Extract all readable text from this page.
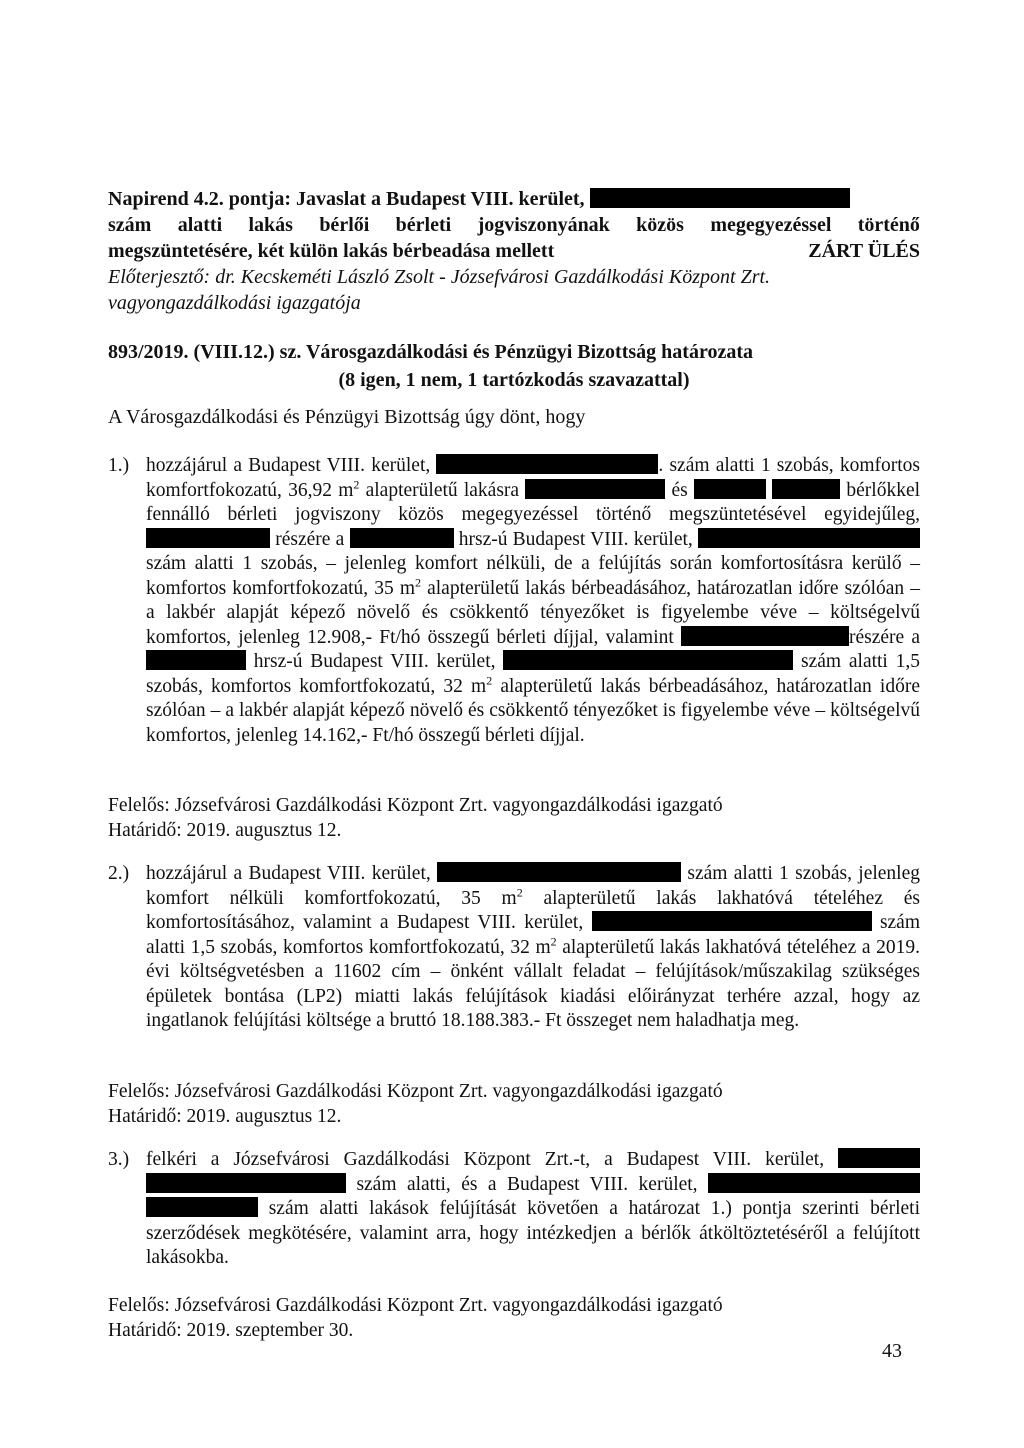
Napirend 4.2. pontja: Javaslat a Budapest VIII. kerület,
szám alatti lakás bérlői bérleti jogviszonyának közös megegyezéssel történő
megszüntetésére, két külön lakás bérbeadása mellett	ZÁRT ÜLÉS
Előterjesztő: dr. Kecskeméti László Zsolt - Józsefvárosi Gazdálkodási Központ Zrt.
vagyongazdálkodási igazgatója
893/2019. (VIII.12.) sz. Városgazdálkodási és Pénzügyi Bizottság határozata
(8 igen, 1 nem, 1 tartózkodás szavazattal)
A Városgazdálkodási és Pénzügyi Bizottság úgy dönt, hogy
1.) hozzájárul a Budapest VIII. kerület,	. szám alatti 1 szobás, komfortos komfortfokozatú, 36,92 $m^2$ alapterületű lakásra	és	bérlőkkel fennálló bérleti jogviszony közös megegyezéssel történő megszüntetésével egyidejűleg,  részére a	hrsz-ú Budapest VIII. kerület, szám alatti 1 szobás, – jelenleg komfort nélküli, de a felújítás során komfortosításra kerülő – komfortos komfortfokozatú, 35 $m^2$ alapterületű lakás bérbeadásához, határozatlan időre szólóan – a lakbér alapját képező növelő és csökkentő tényezőket is figyelembe véve – költségelvű komfortos, jelenleg 12.908,- Ft/hó összegű bérleti díjjal, valamint	részére a  hrsz-ú Budapest VIII. kerület,	szám alatti 1,5 szobás, komfortos komfortfokozatú, 32 $m^2$ alapterületű lakás bérbeadásához, határozatlan időre szólóan – a lakbér alapját képező növelő és csökkentő tényezőket is figyelembe véve – költségelvű komfortos, jelenleg 14.162,- Ft/hó összegű bérleti díjjal.
Felelős: Józsefvárosi Gazdálkodási Központ Zrt. vagyongazdálkodási igazgató
Határidő: 2019. augusztus 12.
2.) hozzájárul a Budapest VIII. kerület,	szám alatti 1 szobás, jelenleg komfort nélküli komfortfokozatú, 35 $m^2$ alapterületű lakás lakhatóvá tételéhez és komfortosításához, valamint a Budapest VIII. kerület,	szám alatti 1,5 szobás, komfortos komfortfokozatú, 32 $m^2$ alapterületű lakás lakhatóvá tételéhez a 2019. évi költségvetésben a 11602 cím – önként vállalt feladat – felújítások/műszakilag szükséges épületek bontása (LP2) miatti lakás felújítások kiadási előirányzat terhére azzal, hogy az ingatlanok felújítási költsége a bruttó 18.188.383.- Ft összeget nem haladhatja meg.
Felelős: Józsefvárosi Gazdálkodási Központ Zrt. vagyongazdálkodási igazgató
Határidő: 2019. augusztus 12.
3.) felkéri a Józsefvárosi Gazdálkodási Központ Zrt.-t, a Budapest VIII. kerület,   szám alatti, és a Budapest VIII. kerület,   szám alatti lakások felújítását követően a határozat 1.) pontja szerinti bérleti szerződések megkötésére, valamint arra, hogy intézkedjen a bérlők átköltöztetéséről a felújított lakásokba.
Felelős: Józsefvárosi Gazdálkodási Központ Zrt. vagyongazdálkodási igazgató
Határidő: 2019. szeptember 30.
43
